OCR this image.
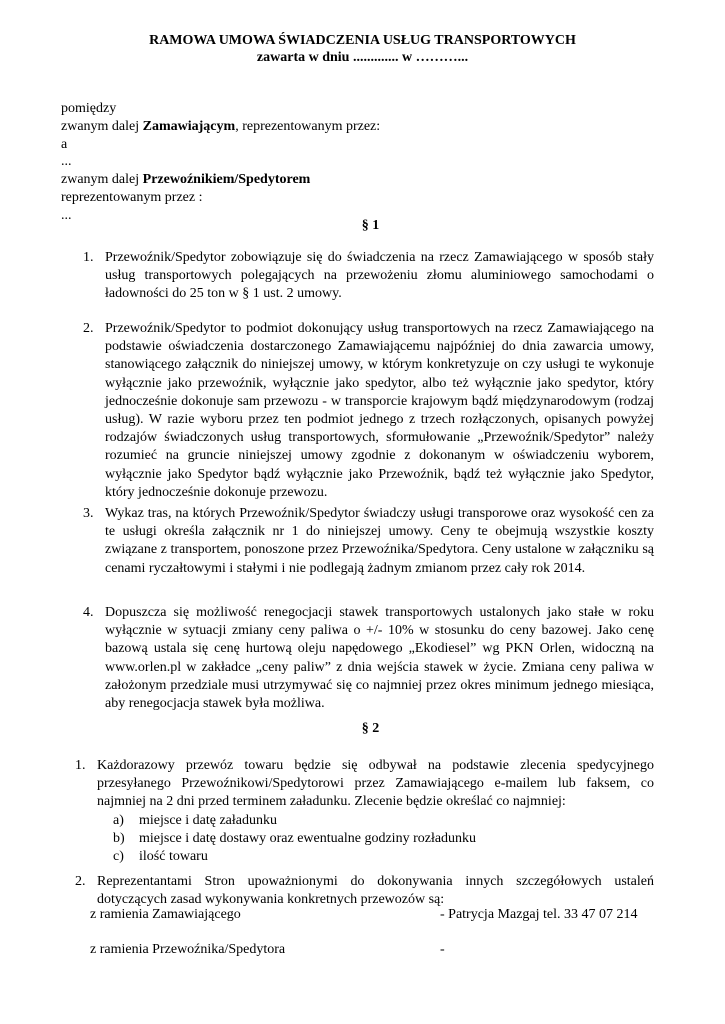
RAMOWA UMOWA ŚWIADCZENIA USŁUG TRANSPORTOWYCH
zawarta w dniu ............. w ………...
pomiędzy
zwanym dalej Zamawiającym, reprezentowanym przez:
a
...
zwanym dalej Przewoźnikiem/Spedytorem
reprezentowanym przez :
...
§ 1
1. Przewoźnik/Spedytor zobowiązuje się do świadczenia na rzecz Zamawiającego w sposób stały usług transportowych polegających na przewożeniu złomu aluminiowego samochodami o ładowności do 25 ton w § 1 ust. 2 umowy.
2. Przewoźnik/Spedytor to podmiot dokonujący usług transportowych na rzecz Zamawiającego na podstawie oświadczenia dostarczonego Zamawiającemu najpóźniej do dnia zawarcia umowy, stanowiącego załącznik do niniejszej umowy, w którym konkretyzuje on czy usługi te wykonuje wyłącznie jako przewoźnik, wyłącznie jako spedytor, albo też wyłącznie jako spedytor, który jednocześnie dokonuje sam przewozu - w transporcie krajowym bądź międzynarodowym (rodzaj usług). W razie wyboru przez ten podmiot jednego z trzech rozłączonych, opisanych powyżej rodzajów świadczonych usług transportowych, sformułowanie „Przewoźnik/Spedytor” należy rozumieć na gruncie niniejszej umowy zgodnie z dokonanym w oświadczeniu wyborem, wyłącznie jako Spedytor bądź wyłącznie jako Przewoźnik, bądź też wyłącznie jako Spedytor, który jednocześnie dokonuje przewozu.
3. Wykaz tras, na których Przewoźnik/Spedytor świadczy usługi transporowe oraz wysokość cen za te usługi określa załącznik nr 1 do niniejszej umowy. Ceny te obejmują wszystkie koszty związane z transportem, ponoszone przez Przewoźnika/Spedytora. Ceny ustalone w załączniku są cenami ryczałtowymi i stałymi i nie podlegają żadnym zmianom przez cały rok 2014.
4. Dopuszcza się możliwość renegocjacji stawek transportowych ustalonych jako stałe w roku wyłącznie w sytuacji zmiany ceny paliwa o +/- 10% w stosunku do ceny bazowej. Jako cenę bazową ustala się cenę hurtową oleju napędowego „Ekodiesel” wg PKN Orlen, widoczną na www.orlen.pl w zakładce „ceny paliw” z dnia wejścia stawek w życie. Zmiana ceny paliwa w założonym przedziale musi utrzymywać się co najmniej przez okres minimum jednego miesiąca, aby renegocjacja stawek była możliwa.
§ 2
1. Każdorazowy przewóz towaru będzie się odbywał na podstawie zlecenia spedycyjnego przesyłanego Przewoźnikowi/Spedytorowi przez Zamawiającego e-mailem lub faksem, co najmniej na 2 dni przed terminem załadunku. Zlecenie będzie określać co najmniej:
a) miejsce i datę załadunku
b) miejsce i datę dostawy oraz ewentualne godziny rozładunku
c) ilość towaru
2. Reprezentantami Stron upoważnionymi do dokonywania innych szczegółowych ustaleń dotyczących zasad wykonywania konkretnych przewozów są:
z ramienia Zamawiającego	- Patrycja Mazgaj tel. 33 47 07 214
z ramienia Przewoźnika/Spedytora	-
